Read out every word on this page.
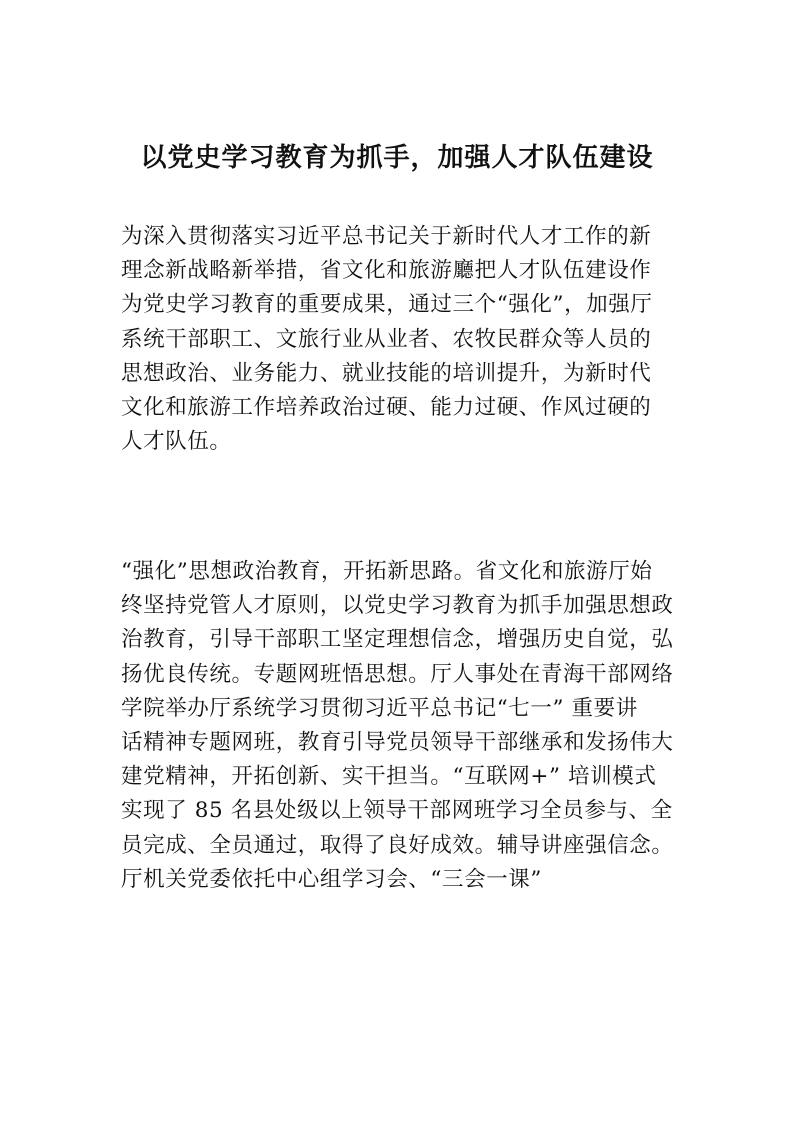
以党史学习教育为抓手，加强人才队伍建设
为深入贯彻落实习近平总书记关于新时代人才工作的新
理念新战略新举措，省文化和旅游廳把人才队伍建设作
为党史学习教育的重要成果，通过三个“强化”，加强厅
系统干部职工、文旅行业从业者、农牧民群众等人员的
思想政治、业务能力、就业技能的培训提升，为新时代
文化和旅游工作培养政治过硬、能力过硬、作风过硬的
人才队伍。
“强化”思想政治教育，开拓新思路。省文化和旅游厅始
终坚持党管人才原则，以党史学习教育为抓手加强思想政
治教育，引导干部职工坚定理想信念，增强历史自觉，弘
扬优良传统。专题网班悟思想。厅人事处在青海干部网络
学院举办厅系统学习贯彻习近平总书记“七一” 重要讲
话精神专题网班，教育引导党员领导干部继承和发扬伟大
建党精神，开拓创新、实干担当。“互联网+” 培训模式
实现了 85 名县处级以上领导干部网班学习全员参与、全
员完成、全员通过，取得了良好成效。辅导讲座强信念。
厅机关党委依托中心组学习会、“三会一课”
